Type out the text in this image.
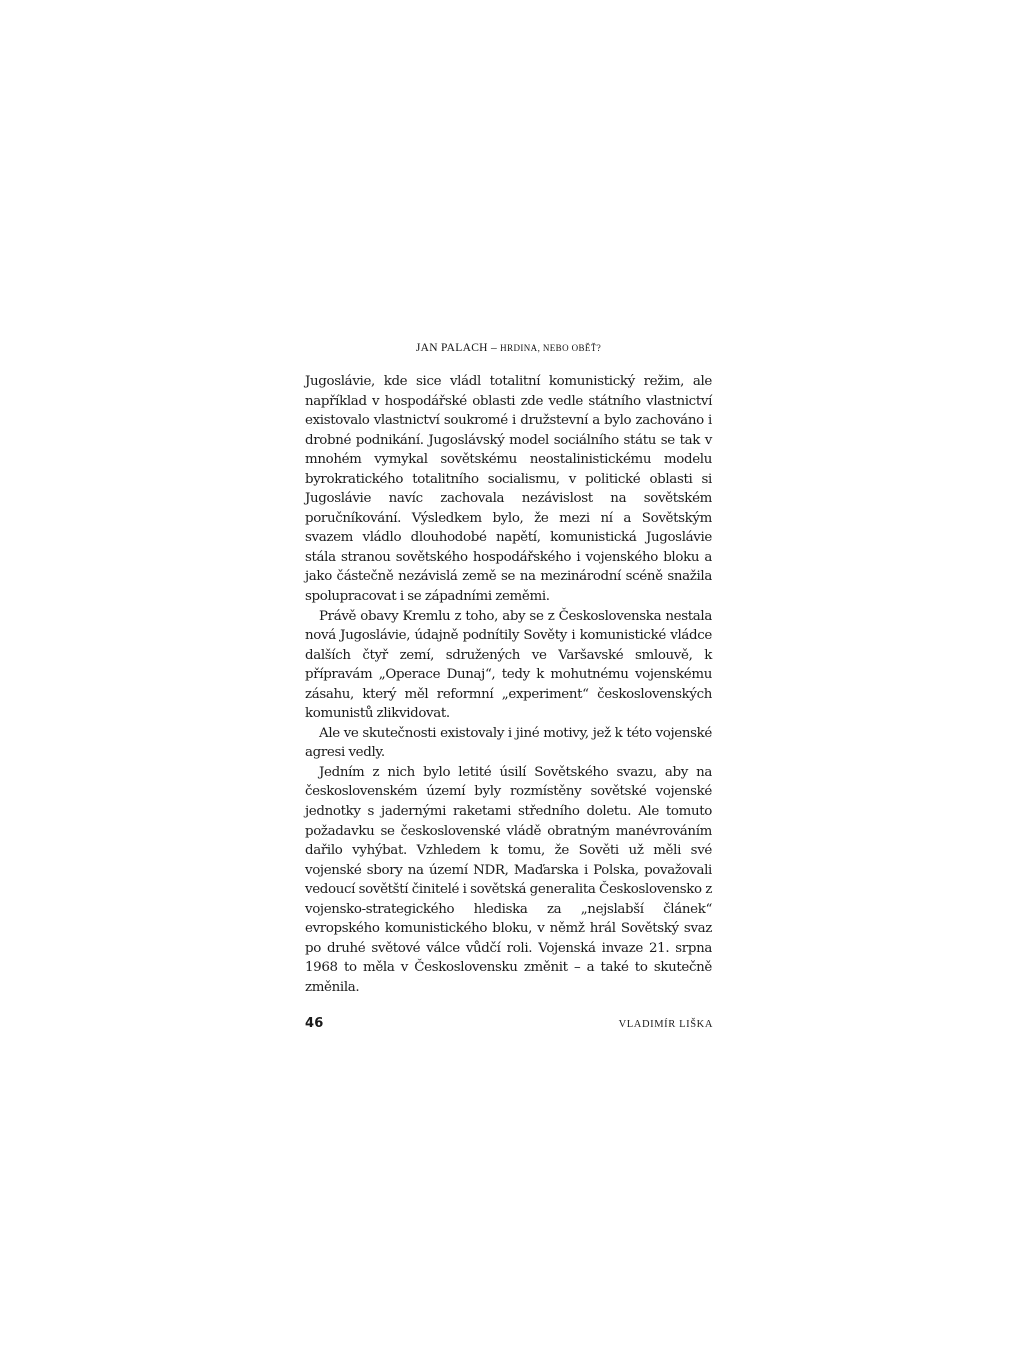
JAN PALACH – HRDINA, NEBO OBĚŤ?

Jugoslávie, kde sice vládl totalitní komunistický režim, ale například v hospodářské oblasti zde vedle státního vlastnictví existovalo vlastnictví soukromé i družstevní a bylo zachováno i drobné podnikání. Jugoslávský model sociálního státu se tak v mnohém vymykal sovětskému neostalinistickému modelu byrokratického totalitního socialismu, v politické oblasti si Jugoslávie navíc zachovala nezávislost na sovětském poručníkování. Výsledkem bylo, že mezi ní a Sovětským svazem vládlo dlouhodobé napětí, komunistická Jugoslávie stála stranou sovětského hospodářského i vojenského bloku a jako částečně nezávislá země se na mezinárodní scéně snažila spolupracovat i se západními zeměmi.

Právě obavy Kremlu z toho, aby se z Československa nestala nová Jugoslávie, údajně podnítily Sověty i komunistické vládce dalších čtyř zemí, sdružených ve Varšavské smlouvě, k přípravám „Operace Dunaj“, tedy k mohutnému vojenskému zásahu, který měl reformní „experiment“ československých komunistů zlikvidovat.

Ale ve skutečnosti existovaly i jiné motivy, jež k této vojenské agresi vedly.

Jedním z nich bylo letité úsilí Sovětského svazu, aby na československém území byly rozmístěny sovětské vojenské jednotky s jadernými raketami středního doletu. Ale tomuto požadavku se československé vládě obratným manévrováním dařilo vyhýbat. Vzhledem k tomu, že Sověti už měli své vojenské sbory na území NDR, Maďarska i Polska, považovali vedoucí sovětští činitelé i sovětská generalita Československo z vojensko-strategického hlediska za „nejslabší článek“ evropského komunistického bloku, v němž hrál Sovětský svaz po druhé světové válce vůdčí roli. Vojenská invaze 21. srpna 1968 to měla v Československu změnit – a také to skutečně změnila.

46	VLADIMÍR LIŠKA
